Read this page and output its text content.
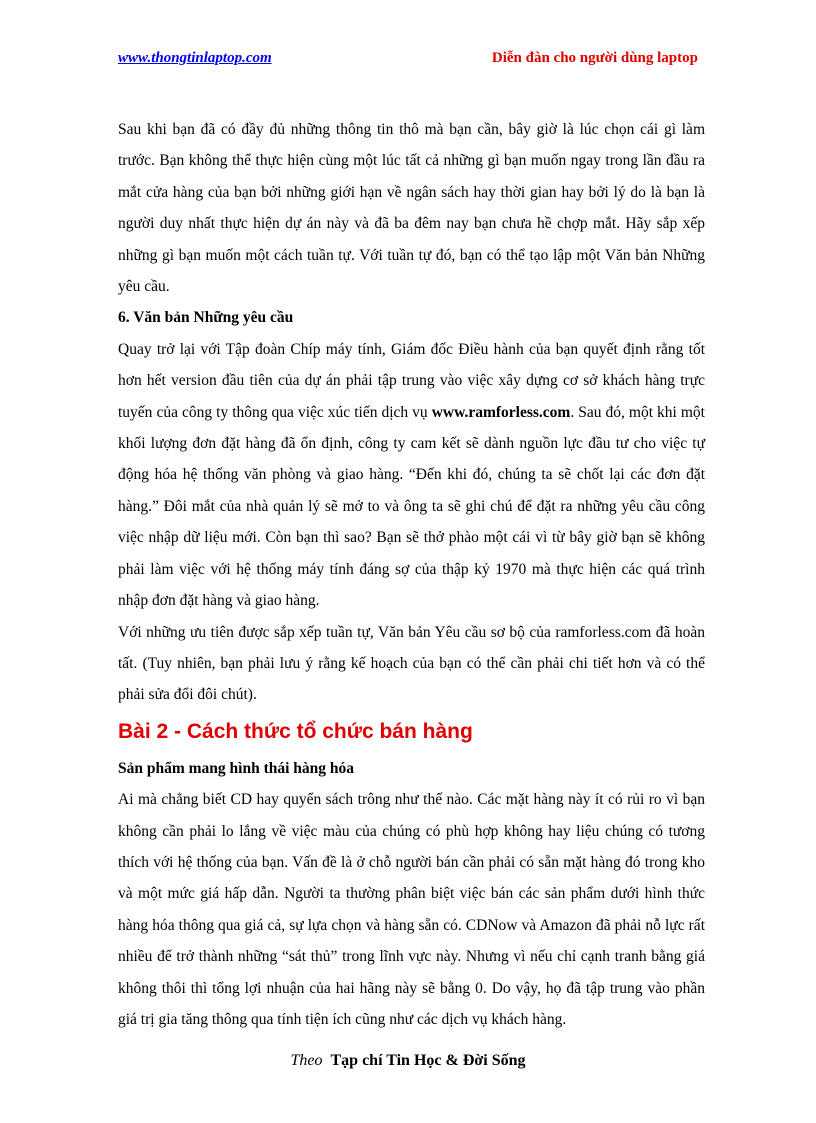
www.thongtinlaptop.com	Diễn đàn cho người dùng laptop

Sau khi bạn đã có đầy đủ những thông tin thô mà bạn cần, bây giờ là lúc chọn cái gì làm trước. Bạn không thể thực hiện cùng một lúc tất cả những gì bạn muốn ngay trong lần đầu ra mắt cửa hàng của bạn bởi những giới hạn về ngân sách hay thời gian hay bởi lý do là bạn là người duy nhất thực hiện dự án này và đã ba đêm nay bạn chưa hề chợp mắt. Hãy sắp xếp những gì bạn muốn một cách tuần tự. Với tuần tự đó, bạn có thể tạo lập một Văn bản Những yêu cầu.

6. Văn bản Những yêu cầu

Quay trở lại với Tập đoàn Chíp máy tính, Giám đốc Điều hành của bạn quyết định rằng tốt hơn hết version đầu tiên của dự án phải tập trung vào việc xây dựng cơ sở khách hàng trực tuyến của công ty thông qua việc xúc tiến dịch vụ www.ramforless.com. Sau đó, một khi một khối lượng đơn đặt hàng đã ổn định, công ty cam kết sẽ dành nguồn lực đầu tư cho việc tự động hóa hệ thống văn phòng và giao hàng. “Đến khi đó, chúng ta sẽ chốt lại các đơn đặt hàng.” Đôi mắt của nhà quản lý sẽ mở to và ông ta sẽ ghi chú để đặt ra những yêu cầu công việc nhập dữ liệu mới. Còn bạn thì sao? Bạn sẽ thở phào một cái vì từ bây giờ bạn sẽ không phải làm việc với hệ thống máy tính đáng sợ của thập kỷ 1970 mà thực hiện các quá trình nhập đơn đặt hàng và giao hàng.

Với những ưu tiên được sắp xếp tuần tự, Văn bản Yêu cầu sơ bộ của ramforless.com đã hoàn tất. (Tuy nhiên, bạn phải lưu ý rằng kế hoạch của bạn có thể cần phải chi tiết hơn và có thể phải sửa đổi đôi chút).

Bài 2 - Cách thức tổ chức bán hàng
Sản phẩm mang hình thái hàng hóa

Ai mà chẳng biết CD hay quyển sách trông như thế nào. Các mặt hàng này ít có rủi ro vì bạn không cần phải lo lắng về việc màu của chúng có phù hợp không hay liệu chúng có tương thích với hệ thống của bạn. Vấn đề là ở chỗ người bán cần phải có sẵn mặt hàng đó trong kho và một mức giá hấp dẫn. Người ta thường phân biệt việc bán các sản phẩm dưới hình thức hàng hóa thông qua giá cả, sự lựa chọn và hàng sẵn có. CDNow và Amazon đã phải nỗ lực rất nhiều để trở thành những “sát thủ” trong lĩnh vực này. Nhưng vì nếu chỉ cạnh tranh bằng giá không thôi thì tổng lợi nhuận của hai hãng này sẽ bằng 0. Do vậy, họ đã tập trung vào phần giá trị gia tăng thông qua tính tiện ích cũng như các dịch vụ khách hàng.

Theo Tạp chí Tin Học & Đời Sống
